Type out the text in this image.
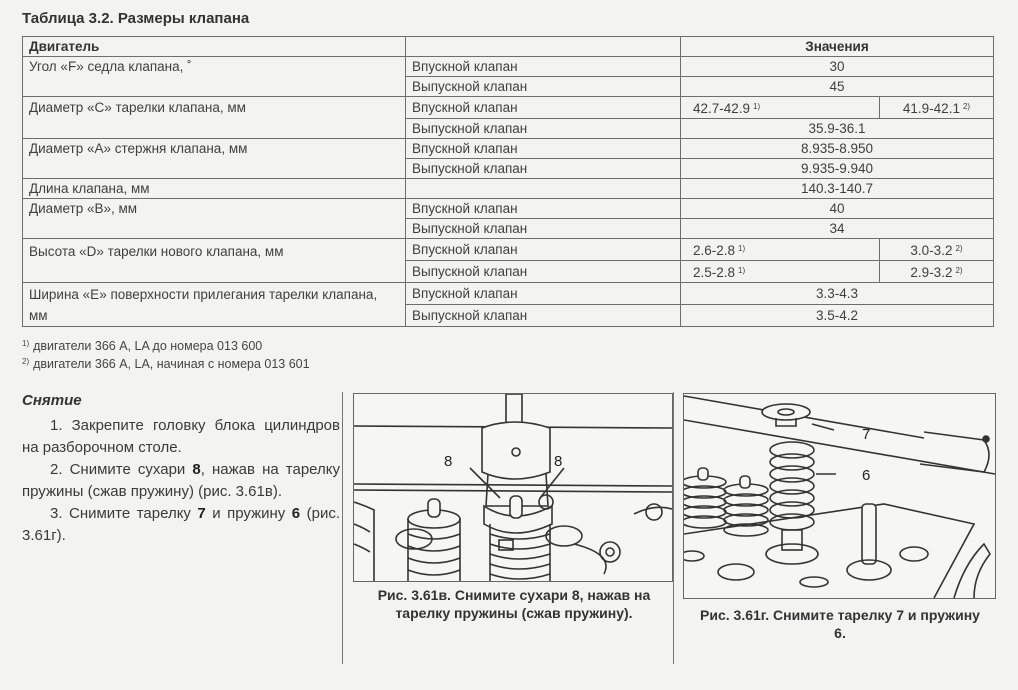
Таблица 3.2. Размеры клапана
Двигатель		Значения	
Угол «F» седла клапана, ˚	Впускной клапан	30	
	Выпускной клапан	45	
Диаметр «С» тарелки клапана, мм	Впускной клапан	42.7-42.9 $^{1)}$	41.9-42.1 $^{2)}$
	Выпускной клапан	35.9-36.1	
Диаметр «А» стержня клапана, мм	Впускной клапан	8.935-8.950	
	Выпускной клапан	9.935-9.940	
Длина клапана, мм		140.3-140.7	
Диаметр «В», мм	Впускной клапан	40	
	Выпускной клапан	34	
Высота «D» тарелки нового клапана, мм	Впускной клапан	2.6-2.8 $^{1)}$	3.0-3.2 $^{2)}$
	Выпускной клапан	2.5-2.8 $^{1)}$	2.9-3.2 $^{2)}$
Ширина «Е» поверхности прилегания тарелки клапана, мм	Впускной клапан	3.3-4.3	
	Выпускной клапан	3.5-4.2	
$^{1)}$ двигатели 366 A, LA до номера 013 600
$^{2)}$ двигатели 366 A, LA, начиная с номера 013 601
Снятие

1. Закрепите головку блока цилиндров на разборочном столе.

2. Снимите сухари 8, нажав на тарелку пружины (сжав пружину) (рис. 3.61в).

3. Снимите тарелку 7 и пружину 6 (рис. 3.61г).

8	8
Рис. 3.61в. Снимите сухари 8, нажав на тарелку пружины (сжав пружину).
7
6
Рис. 3.61г. Снимите тарелку 7 и пружину 6.
